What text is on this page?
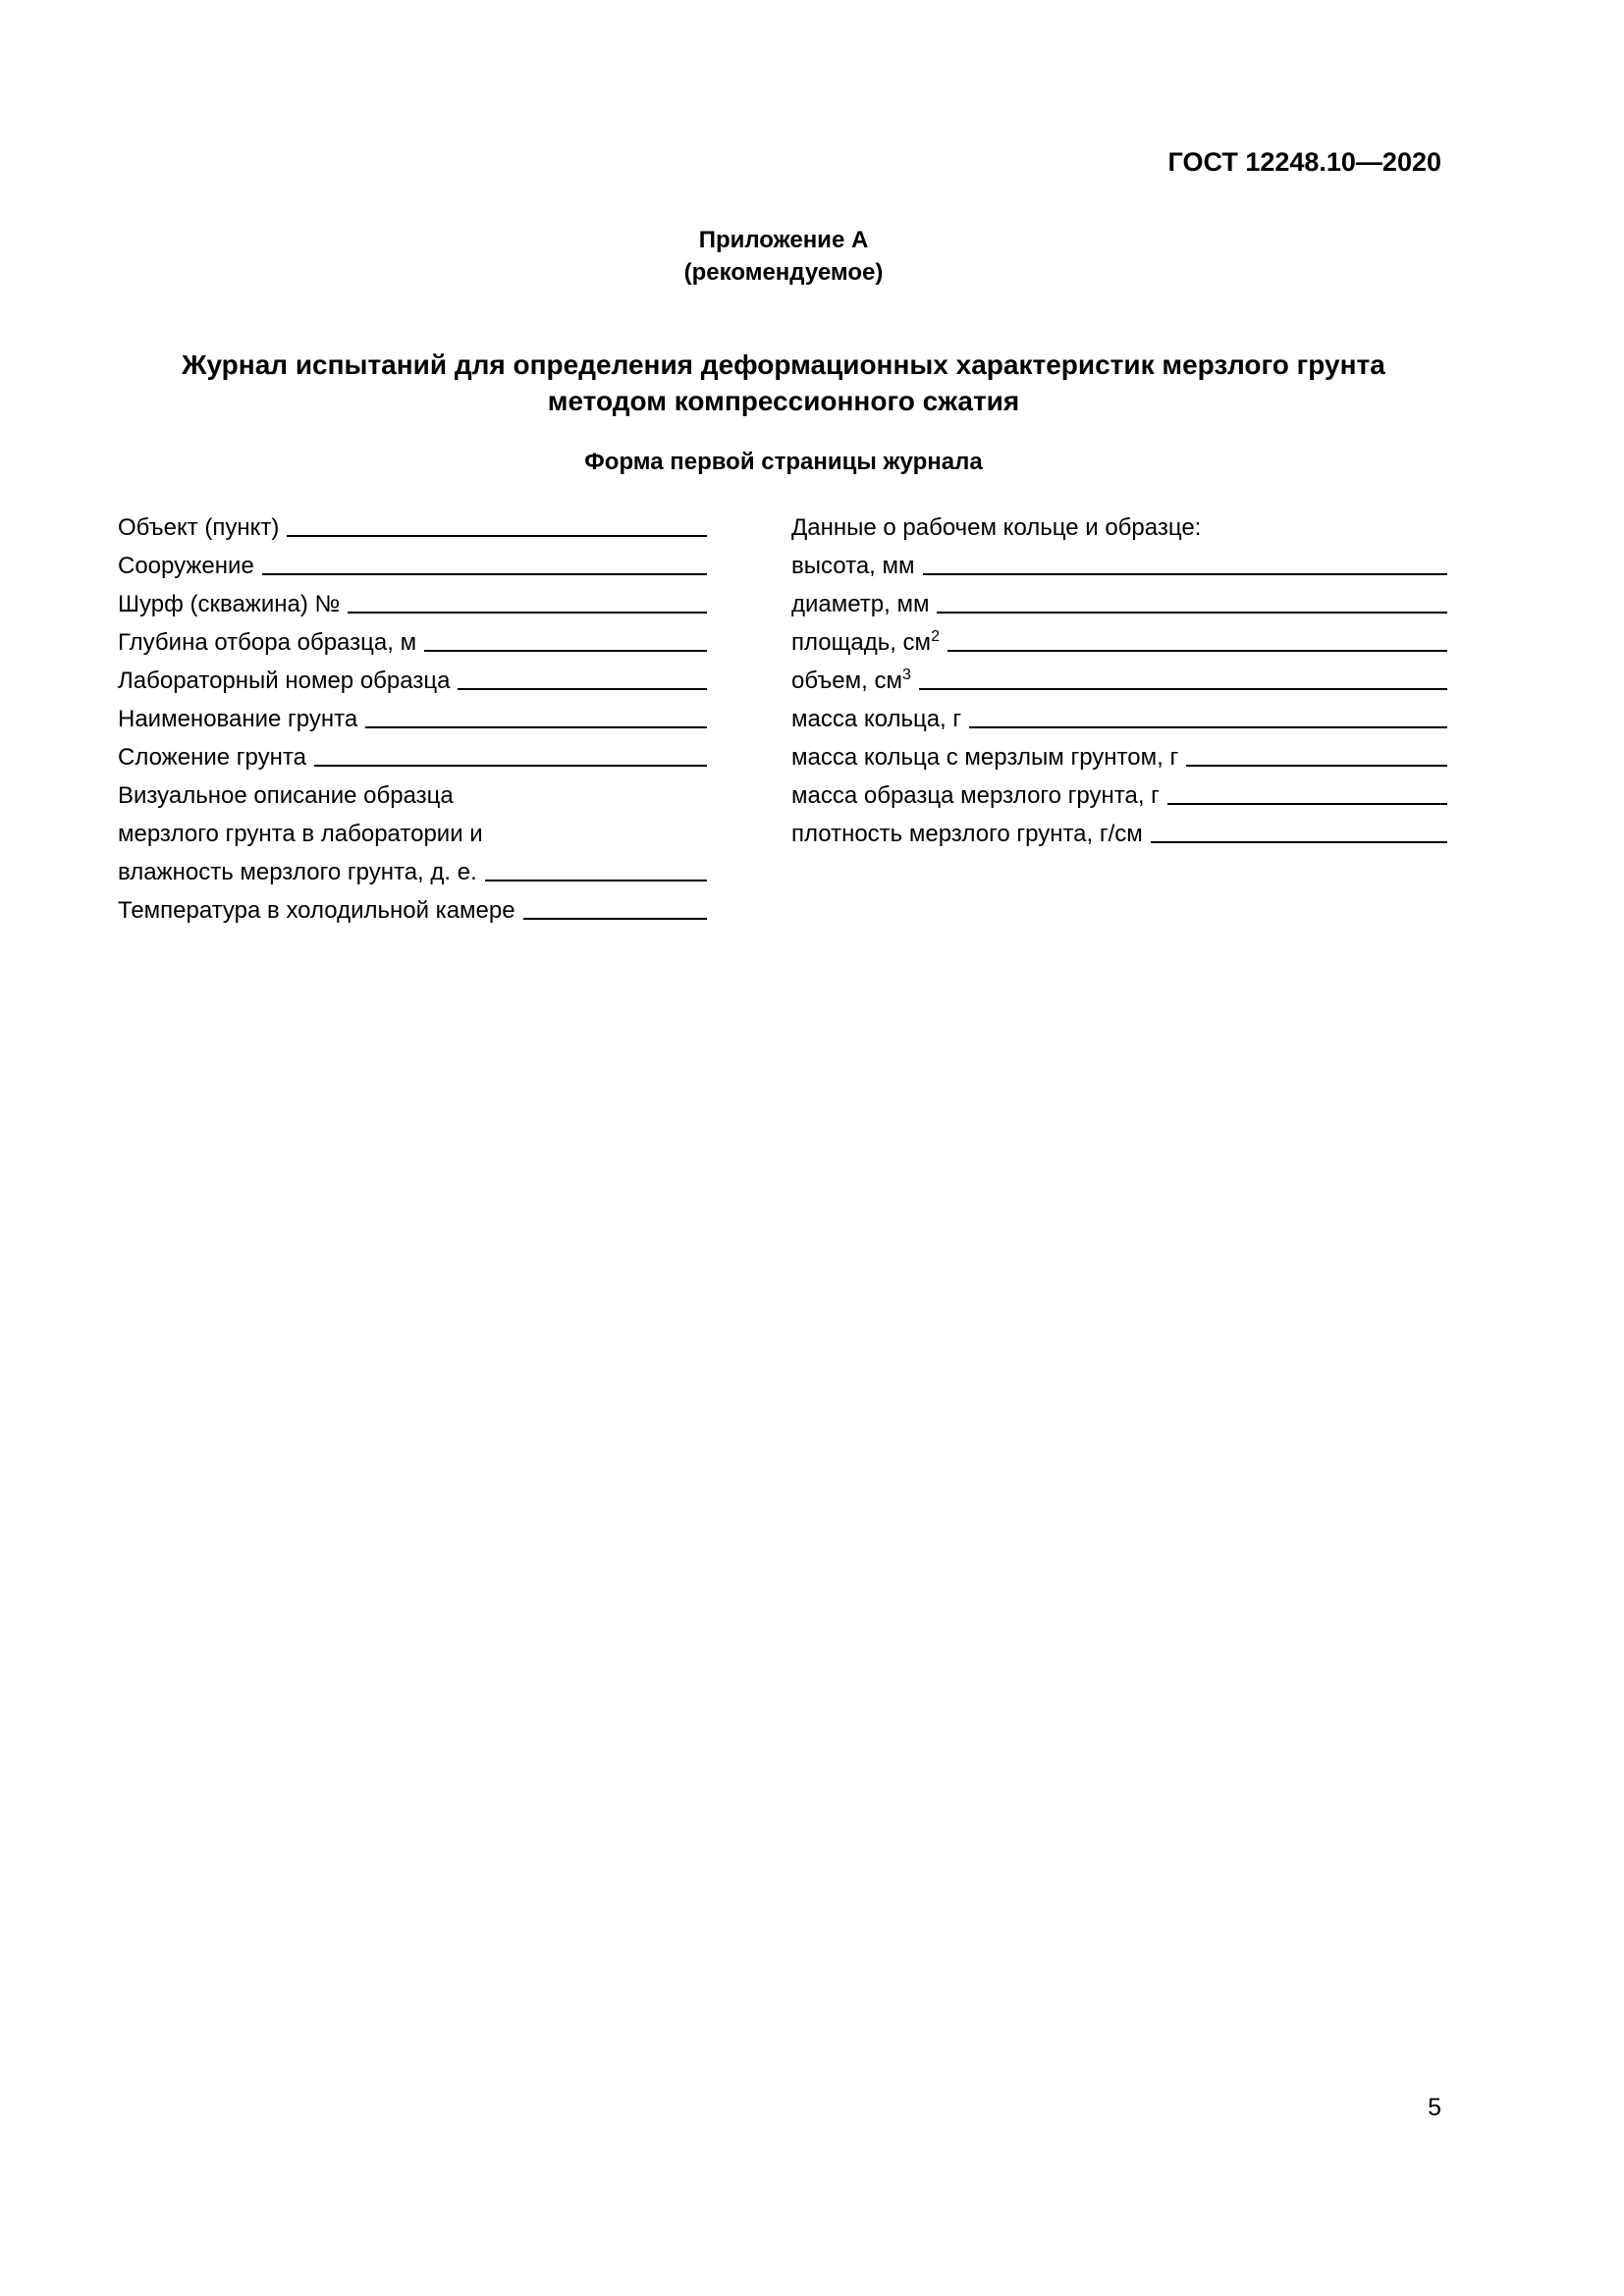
ГОСТ 12248.10—2020
Приложение А
(рекомендуемое)
Журнал испытаний для определения деформационных характеристик мерзлого грунта
методом компрессионного сжатия
Форма первой страницы журнала
Объект (пункт)
Сооружение
Шурф (скважина) №
Глубина отбора образца, м
Лабораторный номер образца
Наименование грунта
Сложение грунта
Визуальное описание образца
мерзлого грунта в лаборатории и
влажность мерзлого грунта, д. е.
Температура в холодильной камере
Данные о рабочем кольце и образце:
высота, мм
диаметр, мм
площадь, $см^2$
объем, $см^3$
масса кольца, г
масса кольца с мерзлым грунтом, г
масса образца мерзлого грунта, г
плотность мерзлого грунта, г/см
5
